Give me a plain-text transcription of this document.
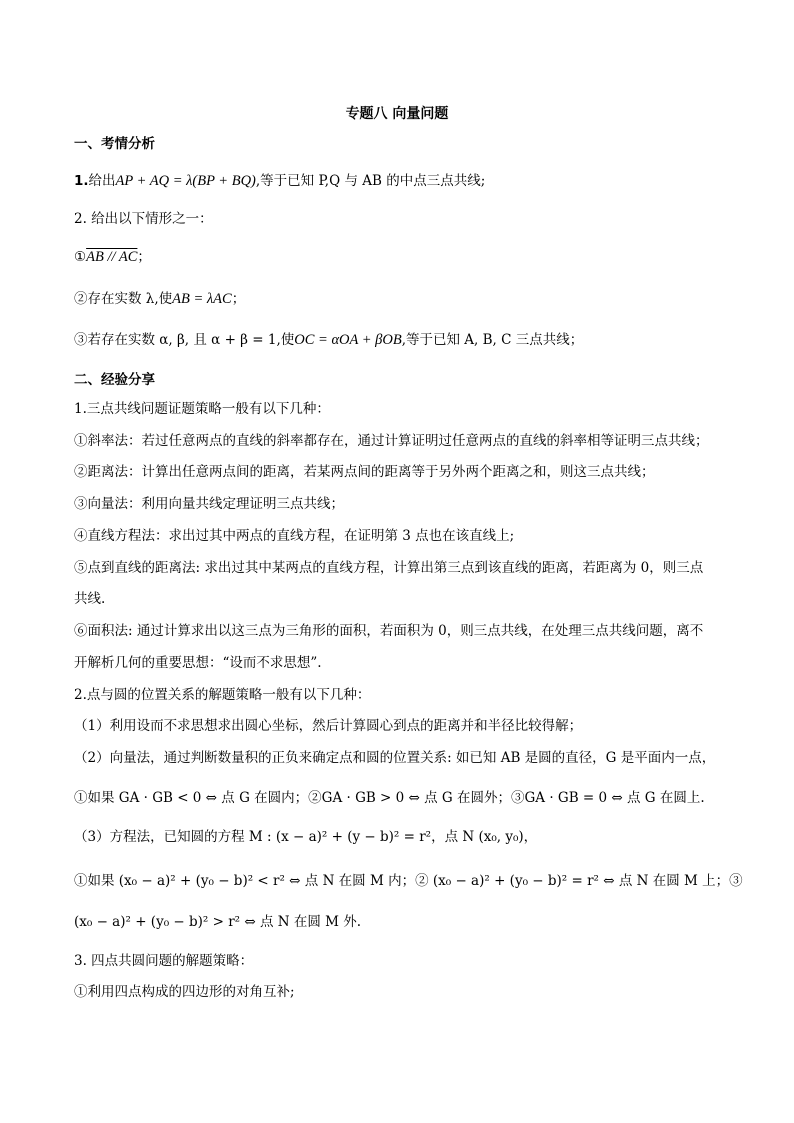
专题八 向量问题
一、考情分析
1.给出AP + AQ = λ(BP + BQ),等于已知 P,Q 与 AB 的中点三点共线;
2. 给出以下情形之一：
①AB // AC；
②存在实数 λ,使AB = λAC；
③若存在实数 α, β, 且 α + β = 1,使OC = αOA + βOB,等于已知 A, B, C 三点共线；
二、经验分享
1.三点共线问题证题策略一般有以下几种：
①斜率法：若过任意两点的直线的斜率都存在，通过计算证明过任意两点的直线的斜率相等证明三点共线；
②距离法：计算出任意两点间的距离，若某两点间的距离等于另外两个距离之和，则这三点共线；
③向量法：利用向量共线定理证明三点共线；
④直线方程法：求出过其中两点的直线方程，在证明第 3 点也在该直线上;
⑤点到直线的距离法: 求出过其中某两点的直线方程，计算出第三点到该直线的距离，若距离为 0，则三点
共线.
⑥面积法: 通过计算求出以这三点为三角形的面积，若面积为 0，则三点共线，在处理三点共线问题，离不
开解析几何的重要思想：“设而不求思想”.
2.点与圆的位置关系的解题策略一般有以下几种：
（1）利用设而不求思想求出圆心坐标，然后计算圆心到点的距离并和半径比较得解；
（2）向量法，通过判断数量积的正负来确定点和圆的位置关系: 如已知 AB 是圆的直径，G 是平面内一点，
①如果 GA · GB < 0 ⇔ 点 G 在圆内；②GA · GB > 0 ⇔ 点 G 在圆外；③GA · GB = 0 ⇔ 点 G 在圆上.
（3）方程法，已知圆的方程 M : (x − a)² + (y − b)² = r²，点 N (x₀, y₀)，
①如果 (x₀ − a)² + (y₀ − b)² < r² ⇔ 点 N 在圆 M 内；② (x₀ − a)² + (y₀ − b)² = r² ⇔ 点 N 在圆 M 上；③
(x₀ − a)² + (y₀ − b)² > r² ⇔ 点 N 在圆 M 外.
3. 四点共圆问题的解题策略：
①利用四点构成的四边形的对角互补;
